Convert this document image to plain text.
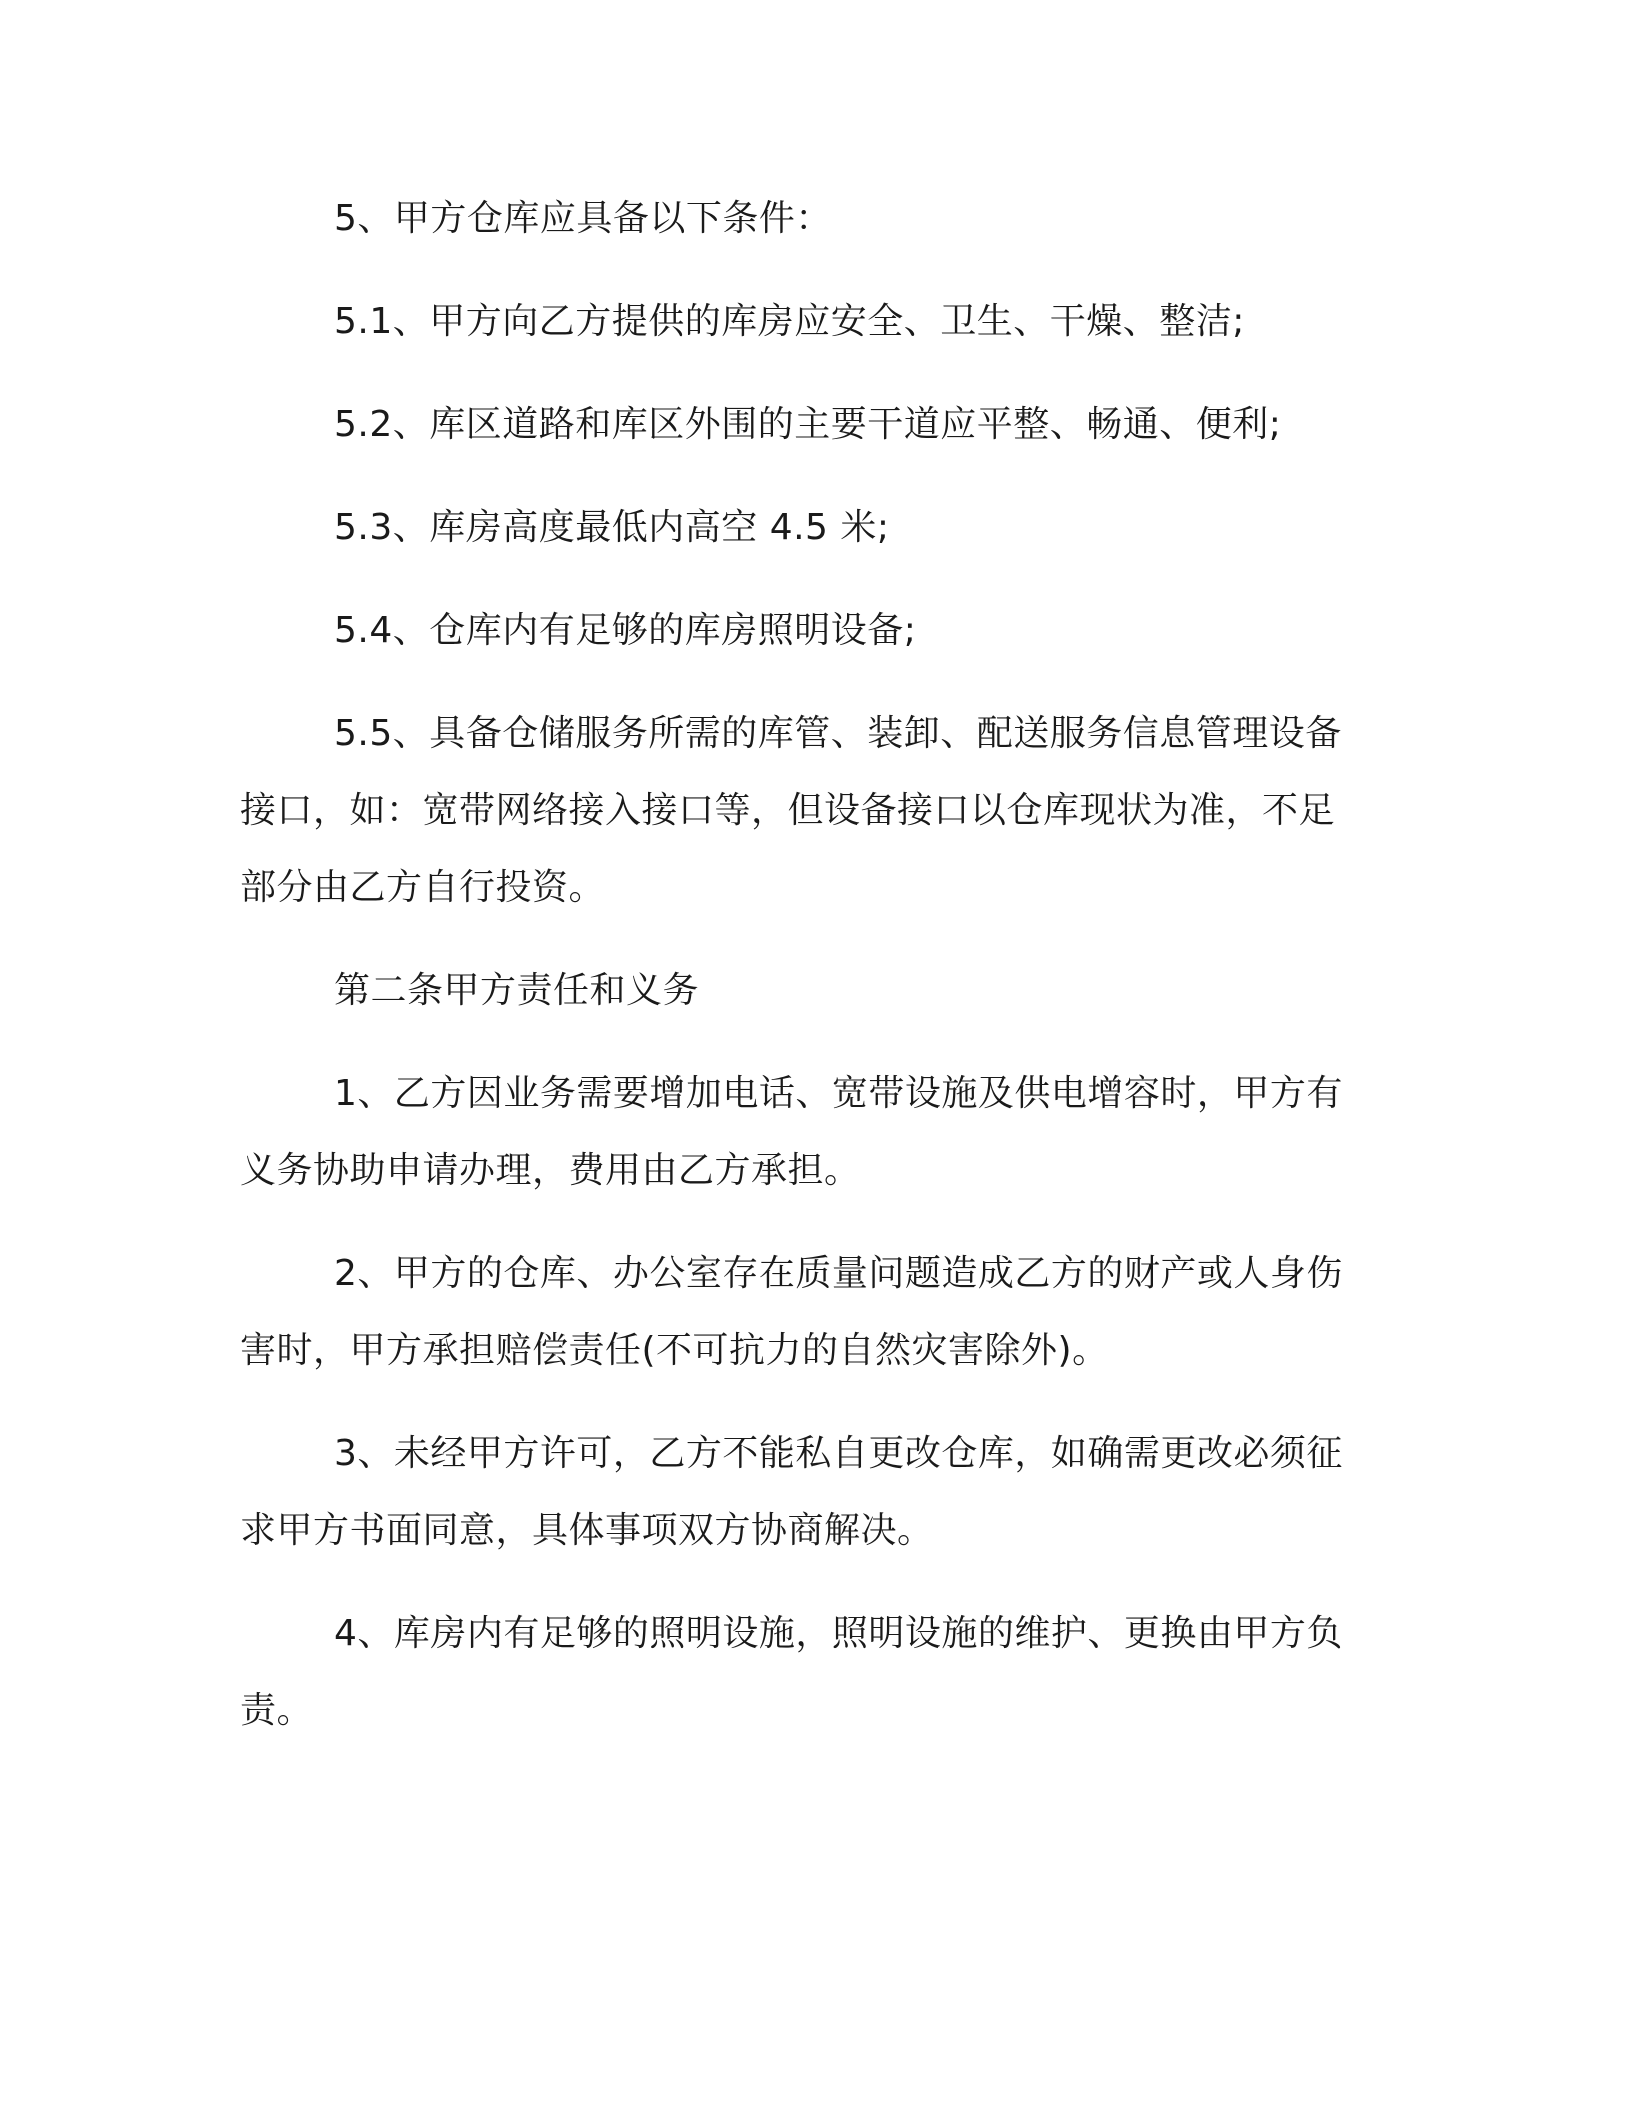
5、甲方仓库应具备以下条件：

5.1、甲方向乙方提供的库房应安全、卫生、干燥、整洁;

5.2、库区道路和库区外围的主要干道应平整、畅通、便利;

5.3、库房高度最低内高空 4.5 米;

5.4、仓库内有足够的库房照明设备;

5.5、具备仓储服务所需的库管、装卸、配送服务信息管理设备接口，如：宽带网络接入接口等，但设备接口以仓库现状为准，不足部分由乙方自行投资。

第二条甲方责任和义务

1、乙方因业务需要增加电话、宽带设施及供电增容时，甲方有义务协助申请办理，费用由乙方承担。

2、甲方的仓库、办公室存在质量问题造成乙方的财产或人身伤害时，甲方承担赔偿责任(不可抗力的自然灾害除外)。

3、未经甲方许可，乙方不能私自更改仓库，如确需更改必须征求甲方书面同意，具体事项双方协商解决。

4、库房内有足够的照明设施，照明设施的维护、更换由甲方负责。
